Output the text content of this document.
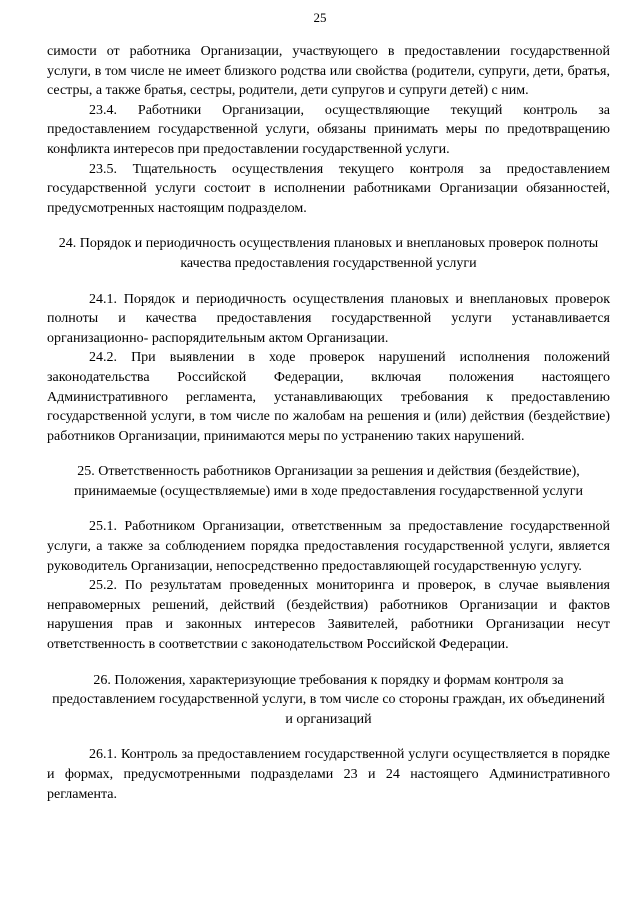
25

симости от работника Организации, участвующего в предоставлении государственной услуги, в том числе не имеет близкого родства или свойства (родители, супруги, дети, братья, сестры, а также братья, сестры, родители, дети супругов и супруги детей) с ним.

23.4. Работники Организации, осуществляющие текущий контроль за предоставлением государственной услуги, обязаны принимать меры по предотвращению конфликта интересов при предоставлении государственной услуги.

23.5. Тщательность осуществления текущего контроля за предоставлением государственной услуги состоит в исполнении работниками Организации обязанностей, предусмотренных настоящим подразделом.

24. Порядок и периодичность осуществления плановых и внеплановых проверок полноты качества предоставления государственной услуги

24.1. Порядок и периодичность осуществления плановых и внеплановых проверок полноты и качества предоставления государственной услуги устанавливается организационно- распорядительным актом Организации.

24.2. При выявлении в ходе проверок нарушений исполнения положений законодательства Российской Федерации, включая положения настоящего Административного регламента, устанавливающих требования к предоставлению государственной услуги, в том числе по жалобам на решения и (или) действия (бездействие) работников Организации, принимаются меры по устранению таких нарушений.

25. Ответственность работников Организации за решения и действия (бездействие), принимаемые (осуществляемые) ими в ходе предоставления государственной услуги

25.1. Работником Организации, ответственным за предоставление государственной услуги, а также за соблюдением порядка предоставления государственной услуги, является руководитель Организации, непосредственно предоставляющей государственную услугу.

25.2. По результатам проведенных мониторинга и проверок, в случае выявления неправомерных решений, действий (бездействия) работников Организации и фактов нарушения прав и законных интересов Заявителей, работники Организации несут ответственность в соответствии с законодательством Российской Федерации.

26. Положения, характеризующие требования к порядку и формам контроля за предоставлением государственной услуги, в том числе со стороны граждан, их объединений и организаций

26.1. Контроль за предоставлением государственной услуги осуществляется в порядке и формах, предусмотренными подразделами 23 и 24 настоящего Административного регламента.
